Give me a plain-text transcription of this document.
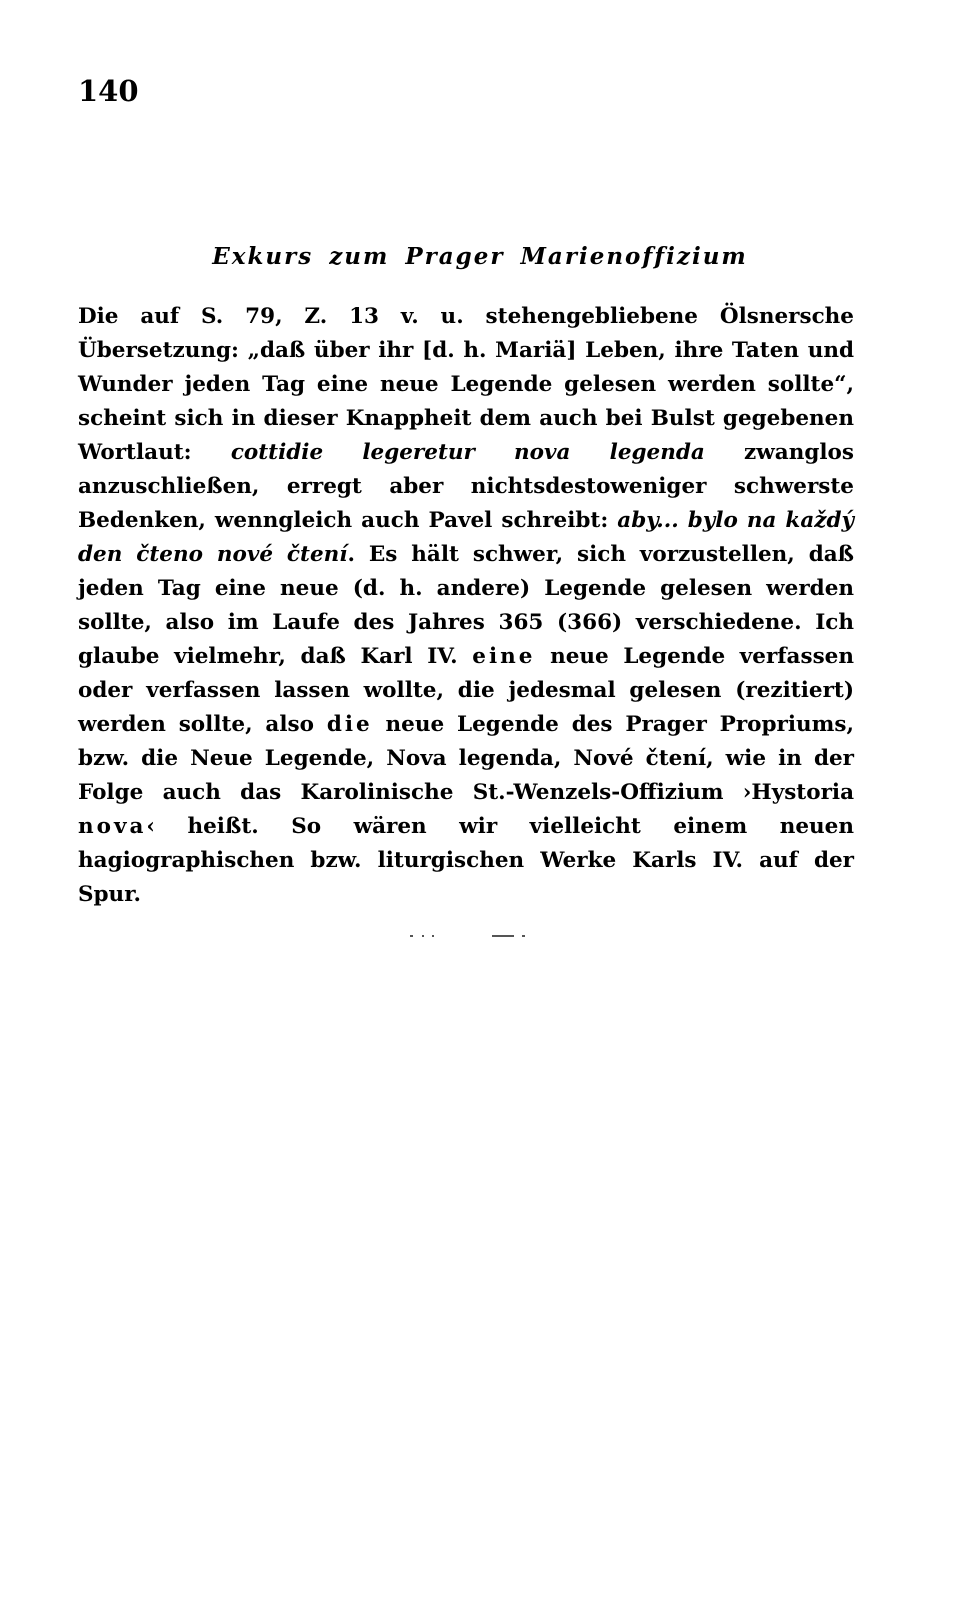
140
Exkurs zum Prager Marienoffizium

Die auf S. 79, Z. 13 v. u. stehengebliebene Ölsnersche Übersetzung: „daß über ihr [d. h. Mariä] Leben, ihre Taten und Wunder jeden Tag eine neue Legende gelesen werden sollte“, scheint sich in dieser Knappheit dem auch bei Bulst gegebenen Wortlaut: cottidie legeretur nova legenda zwanglos anzuschließen, erregt aber nichtsdestoweniger schwerste Bedenken, wenngleich auch Pavel schreibt: aby... bylo na každý den čteno nové čtení. Es hält schwer, sich vorzustellen, daß jeden Tag eine neue (d. h. andere) Legende gelesen werden sollte, also im Laufe des Jahres 365 (366) verschiedene. Ich glaube vielmehr, daß Karl IV. eine neue Legende verfassen oder verfassen lassen wollte, die jedesmal gelesen (rezitiert) werden sollte, also die neue Legende des Prager Propriums, bzw. die Neue Legende, Nova legenda, Nové čtení, wie in der Folge auch das Karolinische St.-Wenzels-Offizium ›Hystoria nova‹ heißt. So wären wir vielleicht einem neuen hagiographischen bzw. liturgischen Werke Karls IV. auf der Spur.
